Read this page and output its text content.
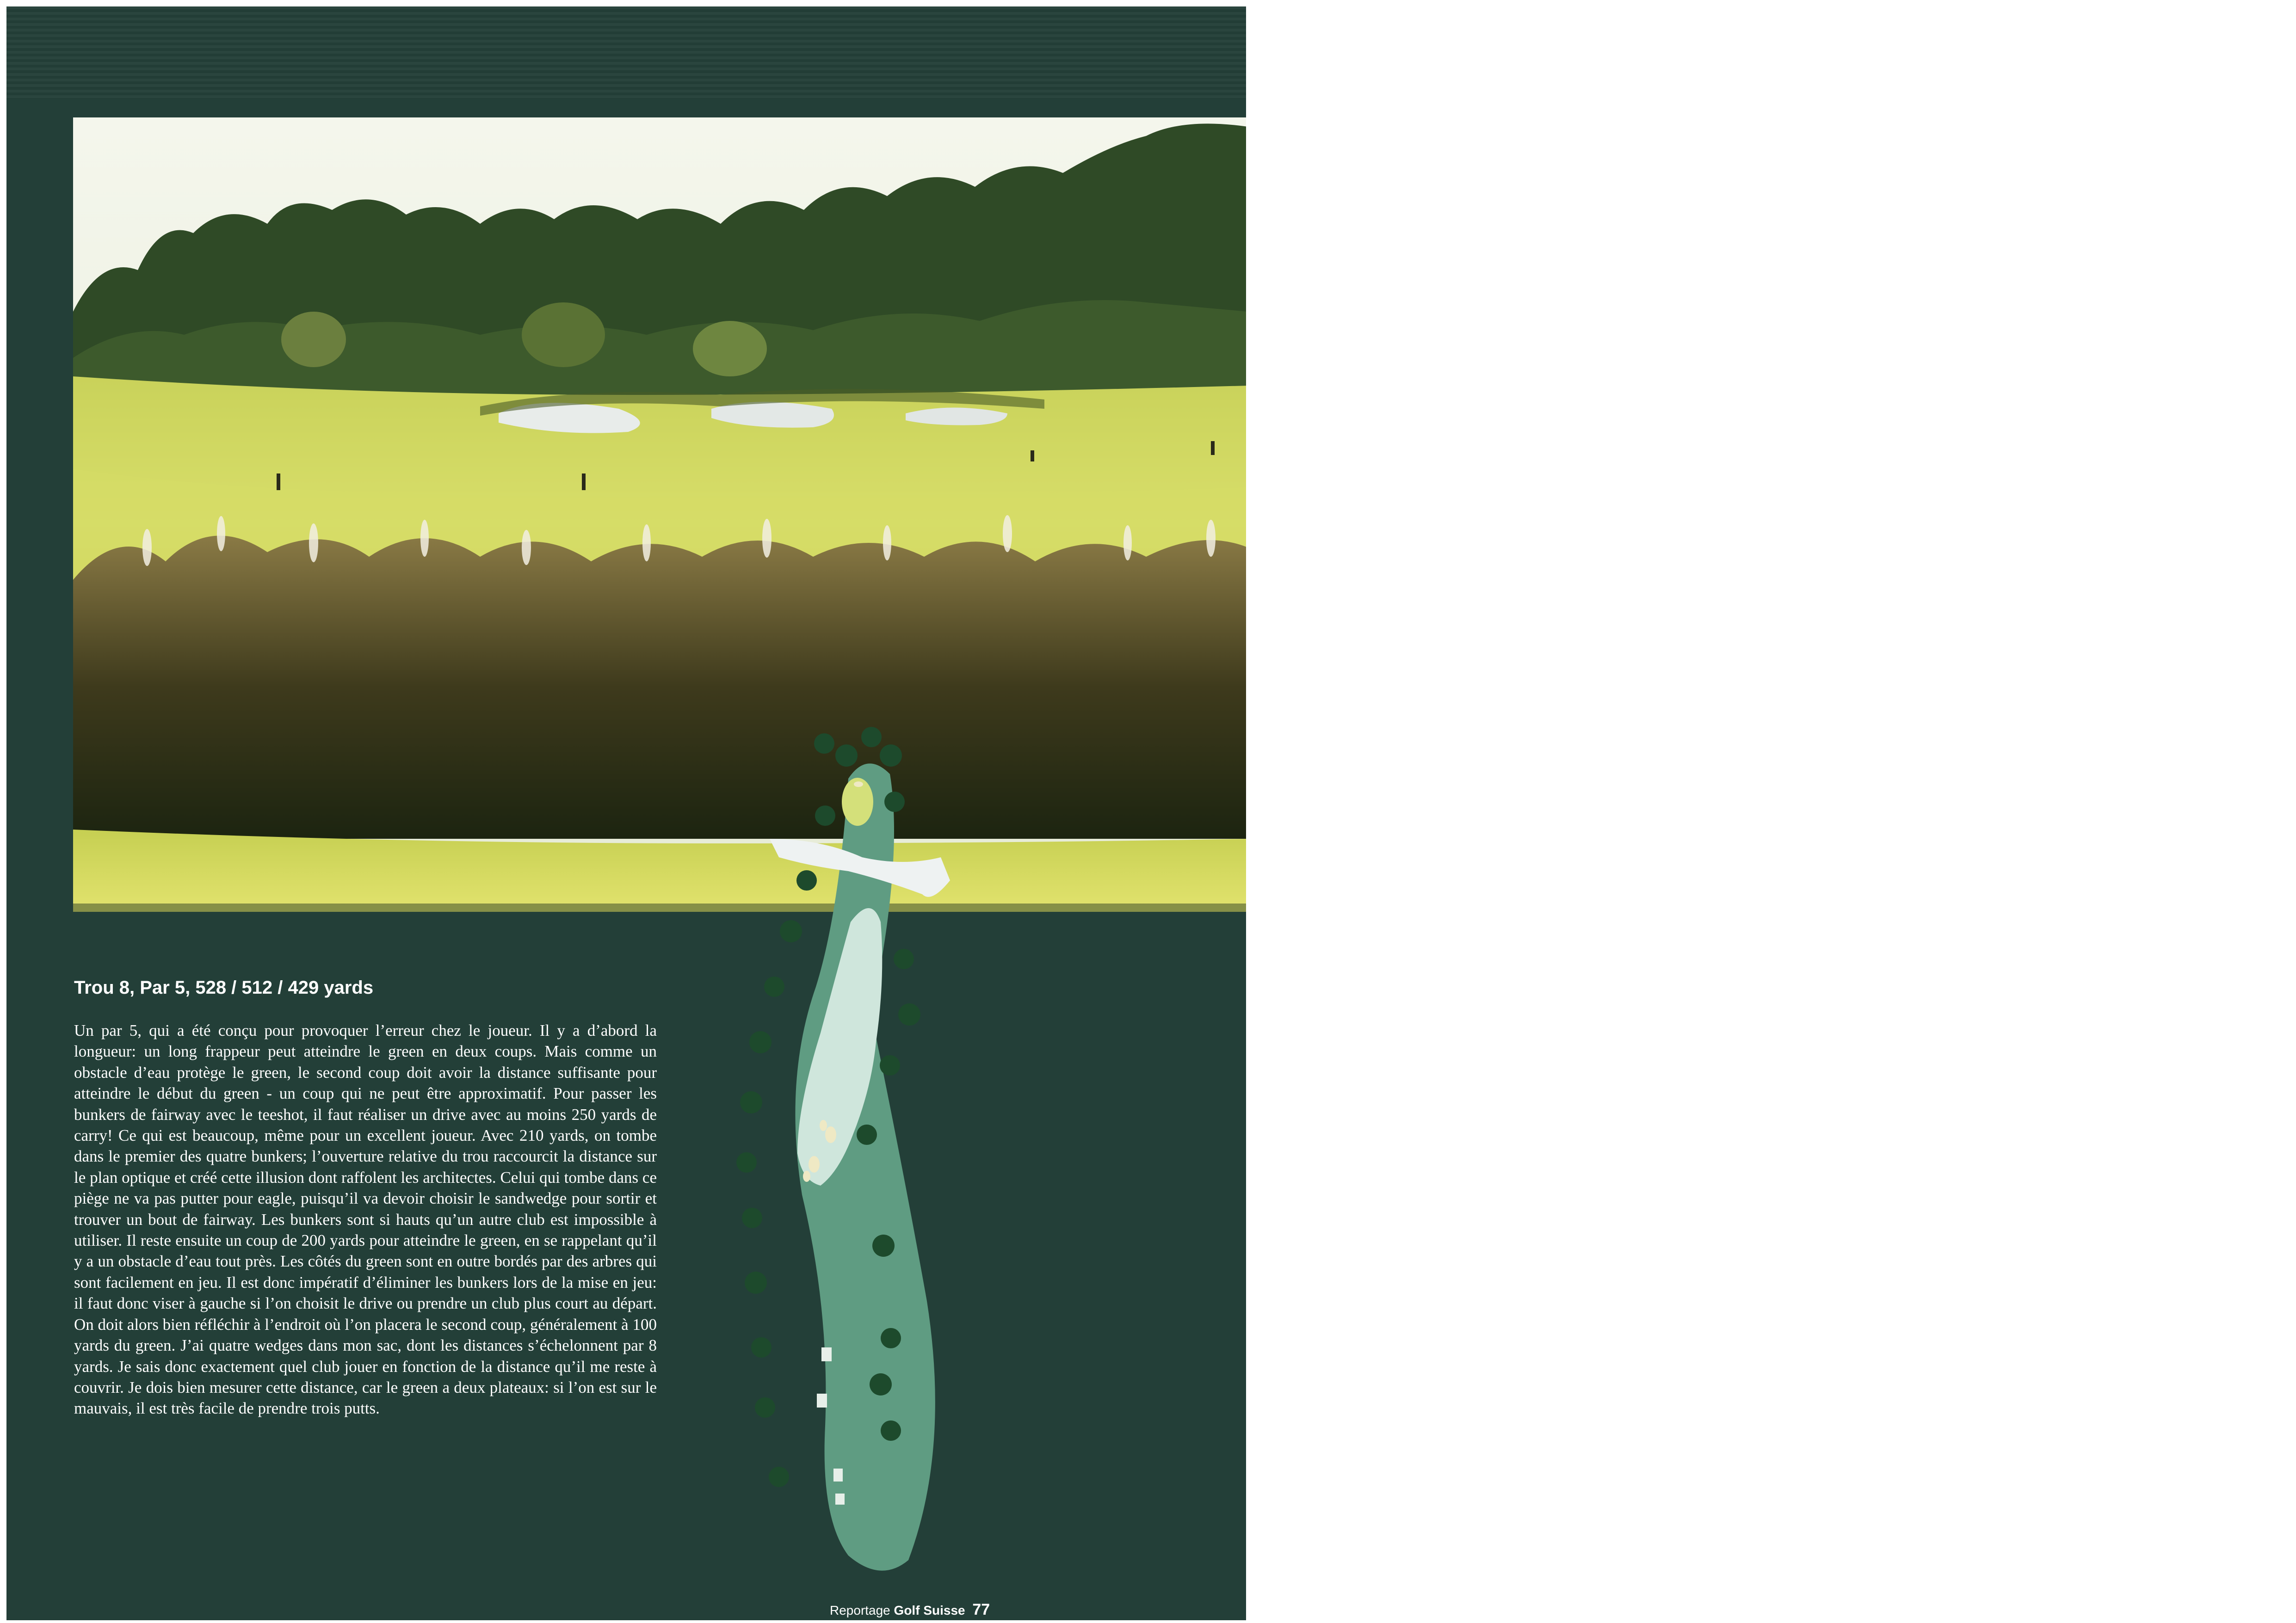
Trou 8, Par 5, 528 / 512 / 429 yards

Un par 5, qui a été conçu pour provoquer l’erreur chez le joueur. Il y a d’abord la longueur: un long frappeur peut atteindre le green en deux coups. Mais comme un obstacle d’eau protège le green, le second coup doit avoir la distance suffisante pour atteindre le début du green - un coup qui ne peut être approximatif. Pour passer les bunkers de fairway avec le teeshot, il faut réaliser un drive avec au moins 250 yards de carry! Ce qui est beaucoup, même pour un excellent joueur. Avec 210 yards, on tombe dans le premier des quatre bunkers; l’ouverture relative du trou raccourcit la distance sur le plan optique et créé cette illusion dont raffolent les architectes. Celui qui tombe dans ce piège ne va pas putter pour eagle, puisqu’il va devoir choisir le sandwedge pour sortir et trouver un bout de fairway. Les bunkers sont si hauts qu’un autre club est impossible à utiliser. Il reste ensuite un coup de 200 yards pour atteindre le green, en se rappelant qu’il y a un obstacle d’eau tout près. Les côtés du green sont en outre bordés par des arbres qui sont facilement en jeu. Il est donc impératif d’éliminer les bunkers lors de la mise en jeu: il faut donc viser à gauche si l’on choisit le drive ou prendre un club plus court au départ. On doit alors bien réfléchir à l’endroit où l’on placera le second coup, généralement à 100 yards du green. J’ai quatre wedges dans mon sac, dont les distances s’échelonnent par 8 yards. Je sais donc exactement quel club jouer en fonction de la distance qu’il me reste à couvrir. Je dois bien mesurer cette distance, car le green a deux plateaux: si l’on est sur le mauvais, il est très facile de prendre trois putts.

Reportage Golf Suisse 77
